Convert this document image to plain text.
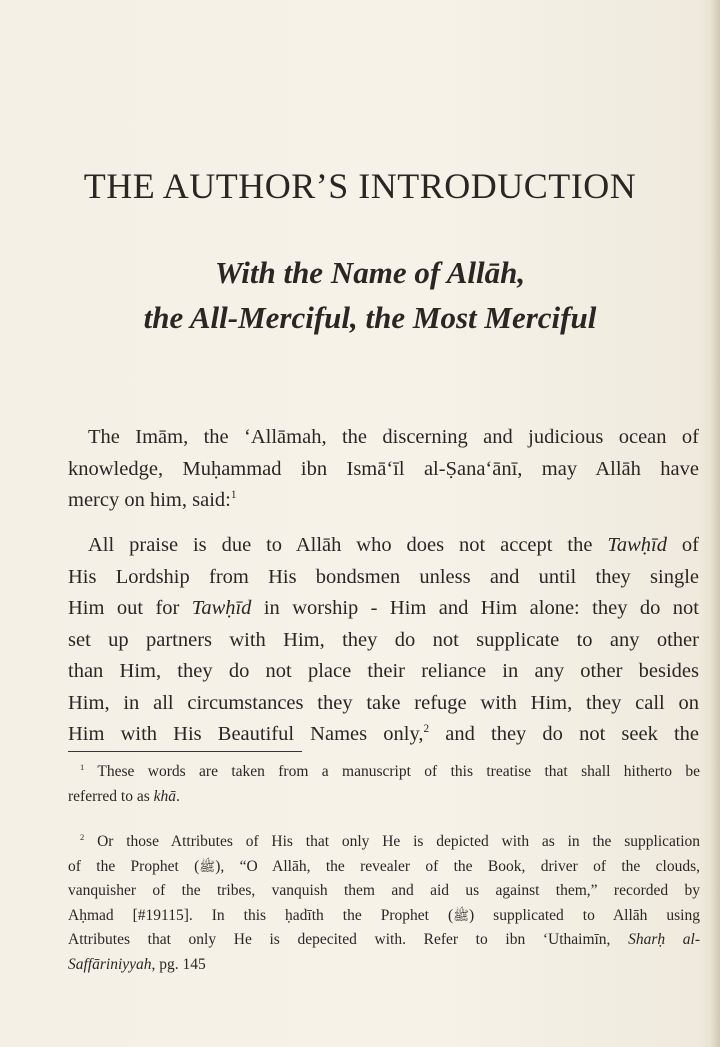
THE AUTHOR’S INTRODUCTION
With the Name of Allāh,
the All-Merciful, the Most Merciful

The Imām, the ‘Allāmah, the discerning and judicious ocean of
knowledge, Muḥammad ibn Ismā‘īl al-Ṣana‘ānī, may Allāh have
mercy on him, said:$^1$

All praise is due to Allāh who does not accept the Tawḥīd of
His Lordship from His bondsmen unless and until they single
Him out for Tawḥīd in worship - Him and Him alone: they do not
set up partners with Him, they do not supplicate to any other
than Him, they do not place their reliance in any other besides
Him, in all circumstances they take refuge with Him, they call on
Him with His Beautiful Names only,$^2$ and they do not seek the

$^1$ These words are taken from a manuscript of this treatise that shall hitherto be
referred to as khā.

$^2$ Or those Attributes of His that only He is depicted with as in the supplication
of the Prophet (ﷺ), “O Allāh, the revealer of the Book, driver of the clouds,
vanquisher of the tribes, vanquish them and aid us against them,” recorded by
Aḥmad [#19115]. In this ḥadīth the Prophet (ﷺ) supplicated to Allāh using
Attributes that only He is depecited with. Refer to ibn ‘Uthaimīn, Sharḥ al-
Saffāriniyyah, pg. 145
